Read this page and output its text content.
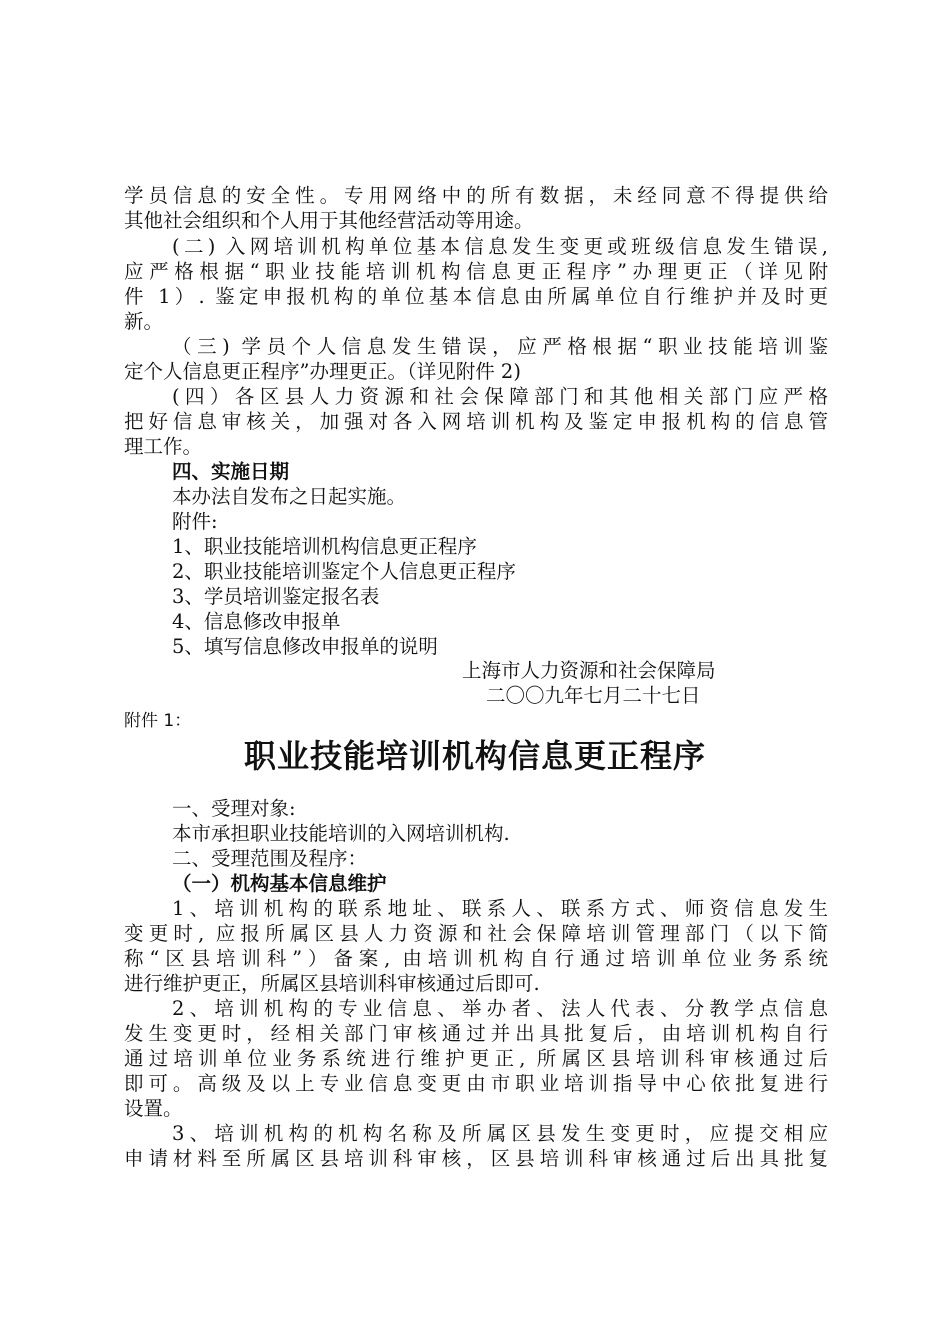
学员信息的安全性。专用网络中的所有数据，未经同意不得提供给
其他社会组织和个人用于其他经营活动等用途。
(二) 入网培训机构单位基本信息发生变更或班级信息发生错误,
应严格根据“职业技能培训机构信息更正程序”办理更正（详见附
件 1）. 鉴定申报机构的单位基本信息由所属单位自行维护并及时更
新。
（三) 学员个人信息发生错误，应严格根据“职业技能培训鉴
定个人信息更正程序”办理更正。（详见附件 2)
(四）各区县人力资源和社会保障部门和其他相关部门应严格
把好信息审核关，加强对各入网培训机构及鉴定申报机构的信息管
理工作。
四、实施日期
本办法自发布之日起实施。
附件:
1、职业技能培训机构信息更正程序
2、职业技能培训鉴定个人信息更正程序
3、学员培训鉴定报名表
4、信息修改申报单
5、填写信息修改申报单的说明
上海市人力资源和社会保障局
二〇〇九年七月二十七日
附件 1：
职业技能培训机构信息更正程序
一、受理对象:
本市承担职业技能培训的入网培训机构.
二、受理范围及程序：
（一）机构基本信息维护
1、培训机构的联系地址、联系人、联系方式、师资信息发生
变更时, 应报所属区县人力资源和社会保障培训管理部门（以下简
称“区县培训科”）备案, 由培训机构自行通过培训单位业务系统
进行维护更正，所属区县培训科审核通过后即可.
2、培训机构的专业信息、举办者、法人代表、分教学点信息
发生变更时，经相关部门审核通过并出具批复后，由培训机构自行
通过培训单位业务系统进行维护更正, 所属区县培训科审核通过后
即可。高级及以上专业信息变更由市职业培训指导中心依批复进行
设置。
3、培训机构的机构名称及所属区县发生变更时，应提交相应
申请材料至所属区县培训科审核，区县培训科审核通过后出具批复
